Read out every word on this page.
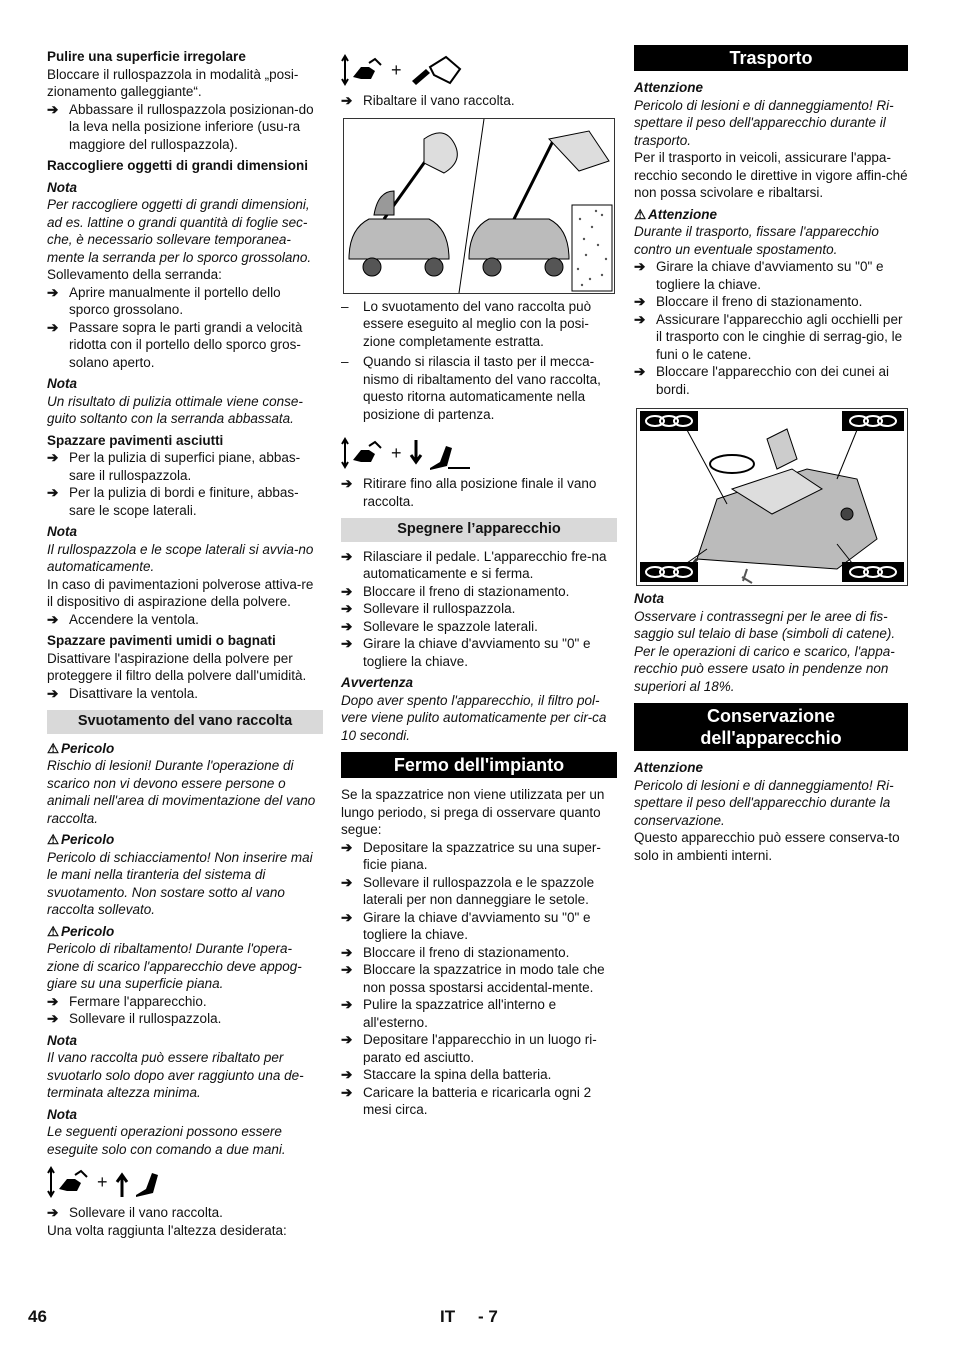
Pulire una superficie irregolare
Bloccare il rullospazzola in modalità „posi-zionamento galleggiante“.
➔ Abbassare il rullospazzola posizionan-do la leva nella posizione inferiore (usu-ra maggiore del rullospazzola).
Raccogliere oggetti di grandi dimensioni
Nota
Per raccogliere oggetti di grandi dimensioni, ad es. lattine o grandi quantità di foglie sec-che, è necessario sollevare temporanea-mente la serranda per lo sporco grossolano.
Sollevamento della serranda:
➔ Aprire manualmente il portello dello sporco grossolano.
➔ Passare sopra le parti grandi a velocità ridotta con il portello dello sporco gros-solano aperto.
Nota
Un risultato di pulizia ottimale viene conse-guito soltanto con la serranda abbassata.
Spazzare pavimenti asciutti
➔ Per la pulizia di superfici piane, abbas-sare il rullospazzola.
➔ Per la pulizia di bordi e finiture, abbas-sare le scope laterali.
Nota
Il rullospazzola e le scope laterali si avvia-no automaticamente.
In caso di pavimentazioni polverose attiva-re il dispositivo di aspirazione della polvere.
➔ Accendere la ventola.
Spazzare pavimenti umidi o bagnati
Disattivare l'aspirazione della polvere per proteggere il filtro della polvere dall'umidità.
➔ Disattivare la ventola.
Svuotamento del vano raccolta
⚠ Pericolo
Rischio di lesioni! Durante l'operazione di scarico non vi devono essere persone o animali nell'area di movimentazione del vano raccolta.
⚠ Pericolo
Pericolo di schiacciamento! Non inserire mai le mani nella tiranteria del sistema di svuotamento. Non sostare sotto al vano raccolta sollevato.
⚠ Pericolo
Pericolo di ribaltamento! Durante l'opera-zione di scarico l'apparecchio deve appog-giare su una superficie piana.
➔ Fermare l'apparecchio.
➔ Sollevare il rullospazzola.
Nota
Il vano raccolta può essere ribaltato per svuotarlo solo dopo aver raggiunto una de-terminata altezza minima.
Nota
Le seguenti operazioni possono essere eseguite solo con comando a due mani.
+
➔ Sollevare il vano raccolta.
Una volta raggiunta l'altezza desiderata:
+
➔ Ribaltare il vano raccolta.
– Lo svuotamento del vano raccolta può essere eseguito al meglio con la posi-zione completamente estratta.
– Quando si rilascia il tasto per il mecca-nismo di ribaltamento del vano raccolta, questo ritorna automaticamente nella posizione di partenza.
+
➔ Ritirare fino alla posizione finale il vano raccolta.
Spegnere l’apparecchio
➔ Rilasciare il pedale. L'apparecchio fre-na automaticamente e si ferma.
➔ Bloccare il freno di stazionamento.
➔ Sollevare il rullospazzola.
➔ Sollevare le spazzole laterali.
➔ Girare la chiave d'avviamento su "0" e togliere la chiave.
Avvertenza
Dopo aver spento l'apparecchio, il filtro pol-vere viene pulito automaticamente per cir-ca 10 secondi.
Fermo dell'impianto
Se la spazzatrice non viene utilizzata per un lungo periodo, si prega di osservare quanto segue:
➔ Depositare la spazzatrice su una super-ficie piana.
➔ Sollevare il rullospazzola e le spazzole laterali per non danneggiare le setole.
➔ Girare la chiave d'avviamento su "0" e togliere la chiave.
➔ Bloccare il freno di stazionamento.
➔ Bloccare la spazzatrice in modo tale che non possa spostarsi accidental-mente.
➔ Pulire la spazzatrice all'interno e all'esterno.
➔ Depositare l'apparecchio in un luogo ri-parato ed asciutto.
➔ Staccare la spina della batteria.
➔ Caricare la batteria e ricaricarla ogni 2 mesi circa.
Trasporto
Attenzione
Pericolo di lesioni e di danneggiamento! Ri-spettare il peso dell'apparecchio durante il trasporto.
Per il trasporto in veicoli, assicurare l'appa-recchio secondo le direttive in vigore affin-ché non possa scivolare e ribaltarsi.
⚠ Attenzione
Durante il trasporto, fissare l'apparecchio contro un eventuale spostamento.
➔ Girare la chiave d'avviamento su "0" e togliere la chiave.
➔ Bloccare il freno di stazionamento.
➔ Assicurare l'apparecchio agli occhielli per il trasporto con le cinghie di serrag-gio, le funi o le catene.
➔ Bloccare l'apparecchio con dei cunei ai bordi.
Nota
Osservare i contrassegni per le aree di fis-saggio sul telaio di base (simboli di catene). Per le operazioni di carico e scarico, l'appa-recchio può essere usato in pendenze non superiori al 18%.
Conservazione dell'apparecchio
Attenzione
Pericolo di lesioni e di danneggiamento! Ri-spettare il peso dell'apparecchio durante la conservazione.
Questo apparecchio può essere conserva-to solo in ambienti interni.
46	IT - 7
